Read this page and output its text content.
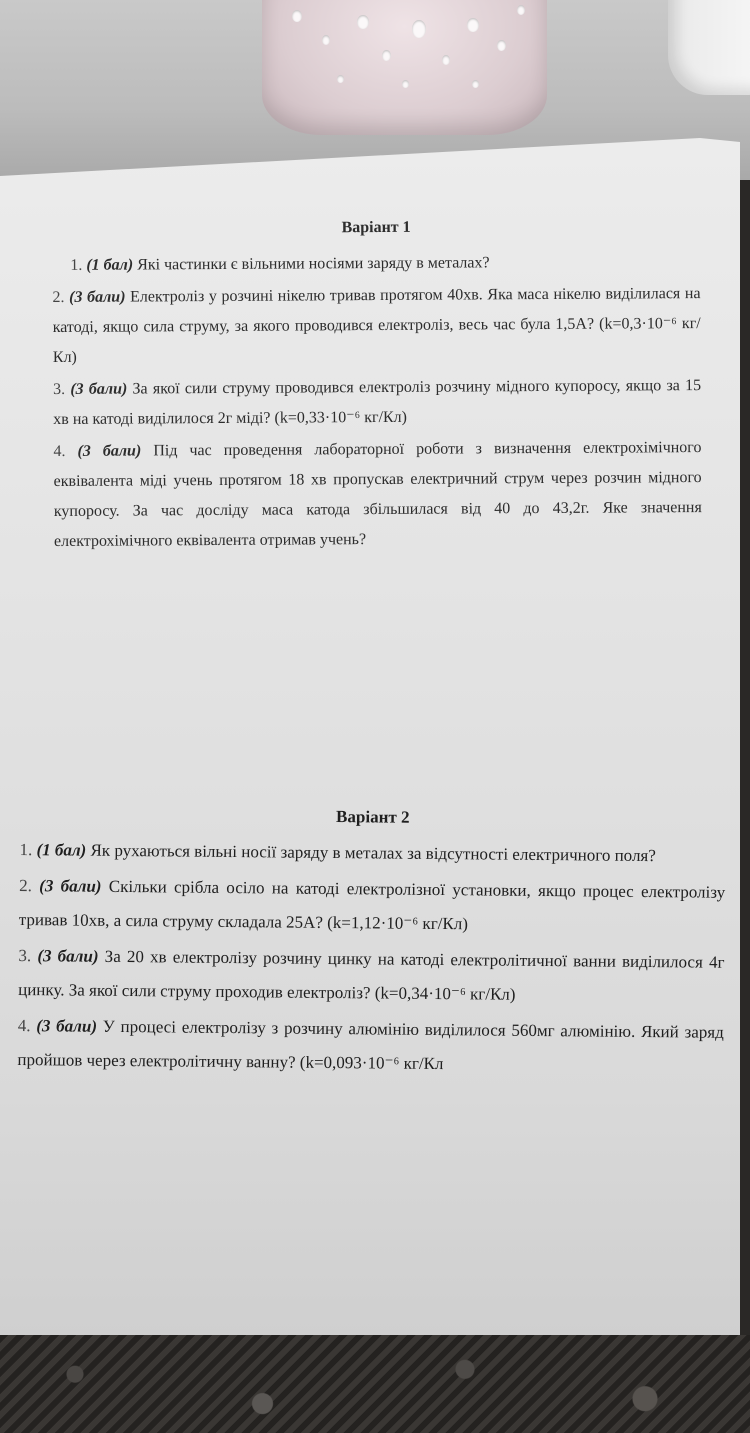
Варіант 1

1. (1 бал) Які частинки є вільними носіями заряду в металах?

2. (3 бали) Електроліз у розчині нікелю тривав протягом 40хв. Яка маса нікелю виділилася на катоді, якщо сила струму, за якого проводився електроліз, весь час була 1,5А? (k=0,3·10⁻⁶ кг/Кл)

3. (3 бали) За якої сили струму проводився електроліз розчину мідного купоросу, якщо за 15 хв на катоді виділилося 2г міді? (k=0,33·10⁻⁶ кг/Кл)

4. (3 бали) Під час проведення лабораторної роботи з визначення електрохімічного еквівалента міді учень протягом 18 хв пропускав електричний струм через розчин мідного купоросу. За час досліду маса катода збільшилася від 40 до 43,2г. Яке значення електрохімічного еквівалента отримав учень?

Варіант 2

1. (1 бал) Як рухаються вільні носії заряду в металах за відсутності електричного поля?

2. (3 бали) Скільки срібла осіло на катоді електролізної установки, якщо процес електролізу тривав 10хв, а сила струму складала 25А? (k=1,12·10⁻⁶ кг/Кл)

3. (3 бали) За 20 хв електролізу розчину цинку на катоді електролітичної ванни виділилося 4г цинку. За якої сили струму проходив електроліз? (k=0,34·10⁻⁶ кг/Кл)

4. (3 бали) У процесі електролізу з розчину алюмінію виділилося 560мг алюмінію. Який заряд пройшов через електролітичну ванну? (k=0,093·10⁻⁶ кг/Кл
